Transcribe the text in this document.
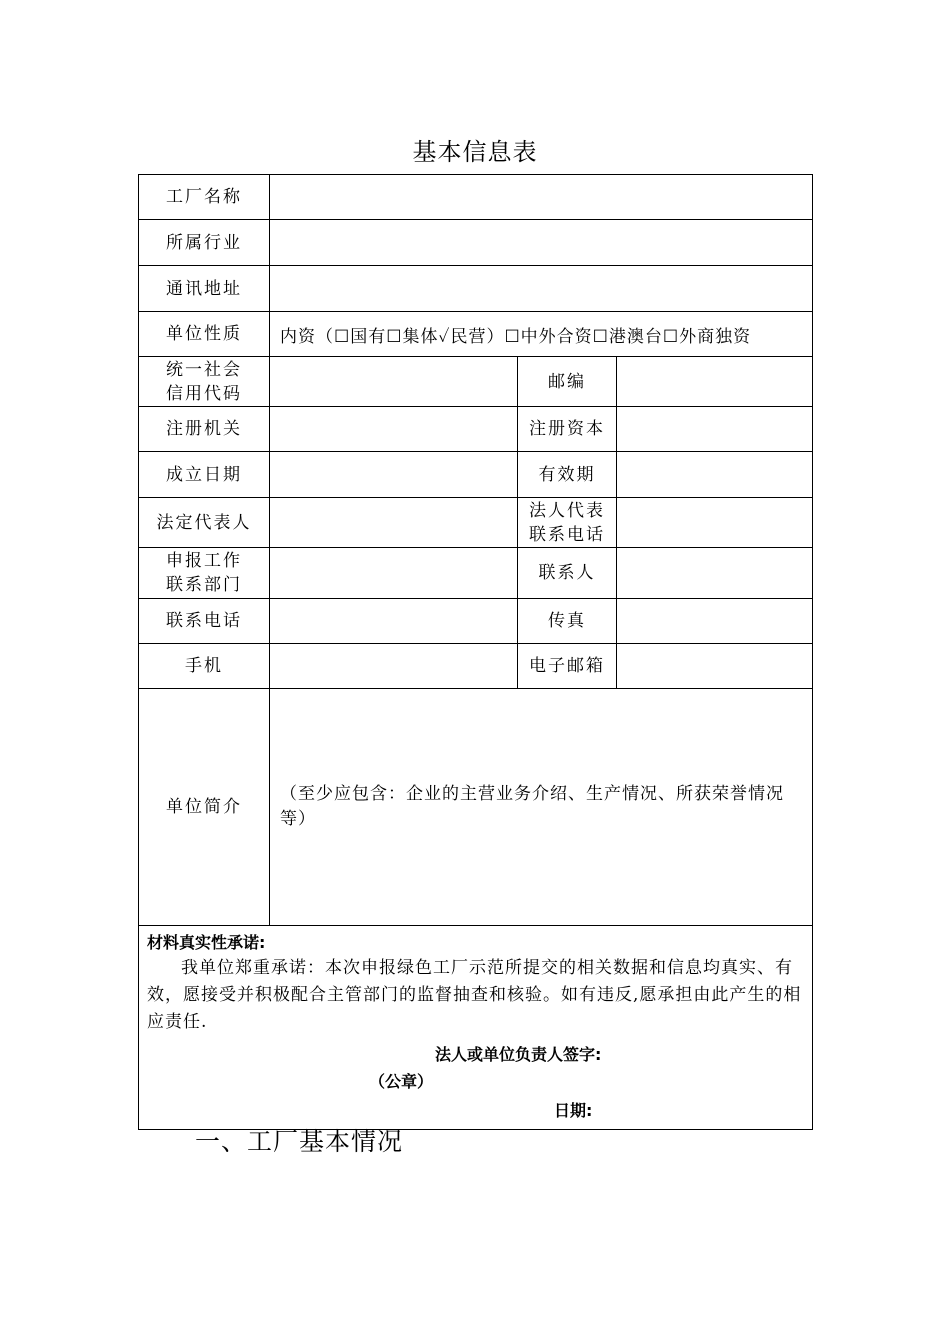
基本信息表
工厂名称			
所属行业			
通讯地址			
单位性质	内资（☐国有☐集体✓民营）☐中外合资☐港澳台☐外商独资		

统一社会
信用代码		邮编	
注册机关		注册资本	
成立日期		有效期	
法定代表人		法人代表
联系电话	

申报工作
联系部门		联系人	
联系电话		传真	
手机		电子邮箱	
单位简介	（至少应包含：企业的主营业务介绍、生产情况、所获荣誉情况等）		

材料真实性承诺:
我单位郑重承诺：本次申报绿色工厂示范所提交的相关数据和信息均真实、有效，愿接受并积极配合主管部门的监督抽查和核验。如有违反,愿承担由此产生的相应责任.
法人或单位负责人签字:
（公章）
日期:			
一、工厂基本情况
